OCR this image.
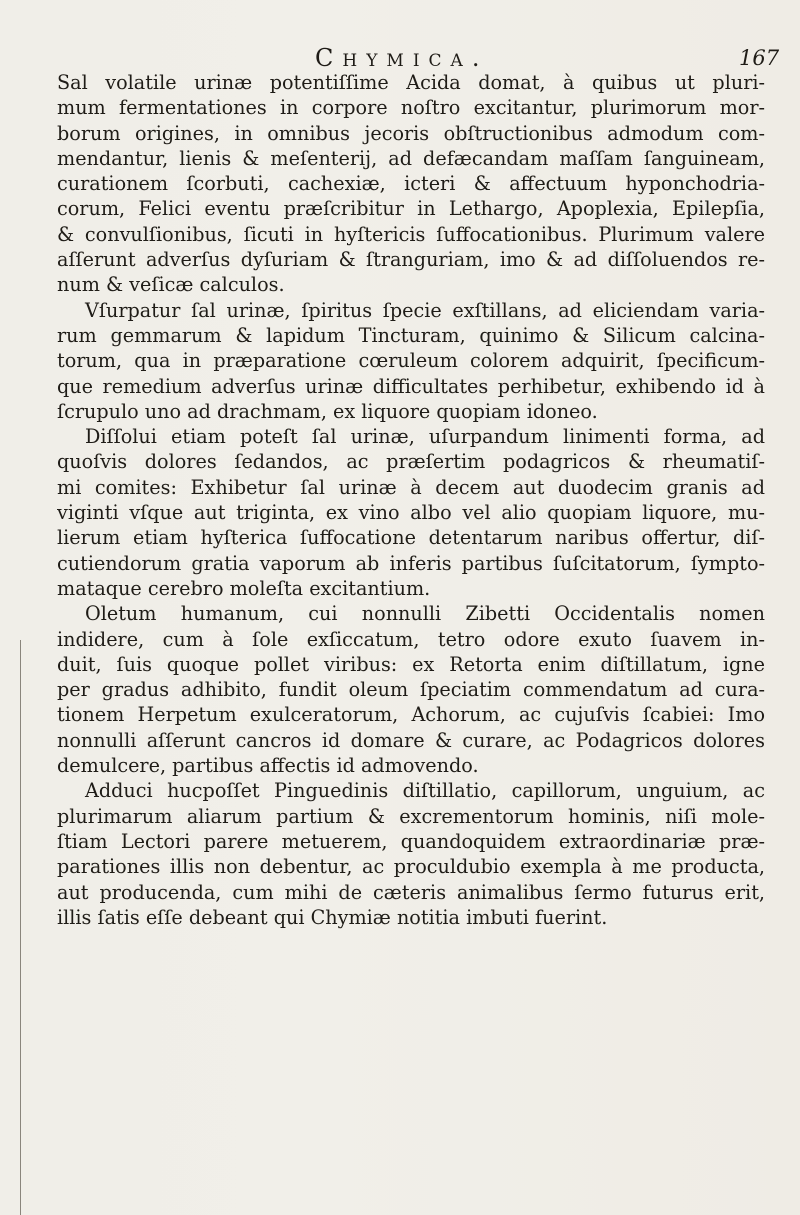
Chymica.	167
Sal volatile urinæ potentiſſime Acida domat, à quibus ut pluri-
mum fermentationes in corpore noſtro excitantur, plurimorum mor-
borum origines, in omnibus jecoris obſtructionibus admodum com-
mendantur, lienis & meſenterij, ad defæcandam maſſam ſanguineam,
curationem ſcorbuti, cachexiæ, icteri & affectuum hyponchodria-
corum, Felici eventu præſcribitur in Lethargo, Apoplexia, Epilepſia,
& convulſionibus, ſicuti in hyſtericis ſuffocationibus. Plurimum valere
aſſerunt adverſus dyſuriam & ſtranguriam, imo & ad diſſoluendos re-
num & veſicæ calculos.
Vſurpatur ſal urinæ, ſpiritus ſpecie exſtillans, ad eliciendam varia-
rum gemmarum & lapidum Tincturam, quinimo & Silicum calcina-
torum, qua in præparatione cœruleum colorem adquirit, ſpecificum-
que remedium adverſus urinæ difficultates perhibetur, exhibendo id à
ſcrupulo uno ad drachmam, ex liquore quopiam idoneo.
Diſſolui etiam poteſt ſal urinæ, uſurpandum linimenti forma, ad
quoſvis dolores ſedandos, ac præſertim podagricos & rheumatiſ-
mi comites: Exhibetur ſal urinæ à decem aut duodecim granis ad
viginti vſque aut triginta, ex vino albo vel alio quopiam liquore, mu-
lierum etiam hyſterica ſuffocatione detentarum naribus offertur, diſ-
cutiendorum gratia vaporum ab inferis partibus ſuſcitatorum, ſympto-
mataque cerebro moleſta excitantium.
Oletum humanum, cui nonnulli Zibetti Occidentalis nomen
indidere, cum à ſole exſiccatum, tetro odore exuto ſuavem in-
duit, ſuis quoque pollet viribus: ex Retorta enim diſtillatum, igne
per gradus adhibito, fundit oleum ſpeciatim commendatum ad cura-
tionem Herpetum exulceratorum, Achorum, ac cujuſvis ſcabiei: Imo
nonnulli aſſerunt cancros id domare & curare, ac Podagricos dolores
demulcere, partibus affectis id admovendo.
Adduci hucpoſſet Pinguedinis diſtillatio, capillorum, unguium, ac
plurimarum aliarum partium & excrementorum hominis, niſi mole-
ſtiam Lectori parere metuerem, quandoquidem extraordinariæ præ-
parationes illis non debentur, ac proculdubio exempla à me producta,
aut producenda, cum mihi de cæteris animalibus ſermo futurus erit,
illis ſatis eſſe debeant qui Chymiæ notitia imbuti fuerint.
